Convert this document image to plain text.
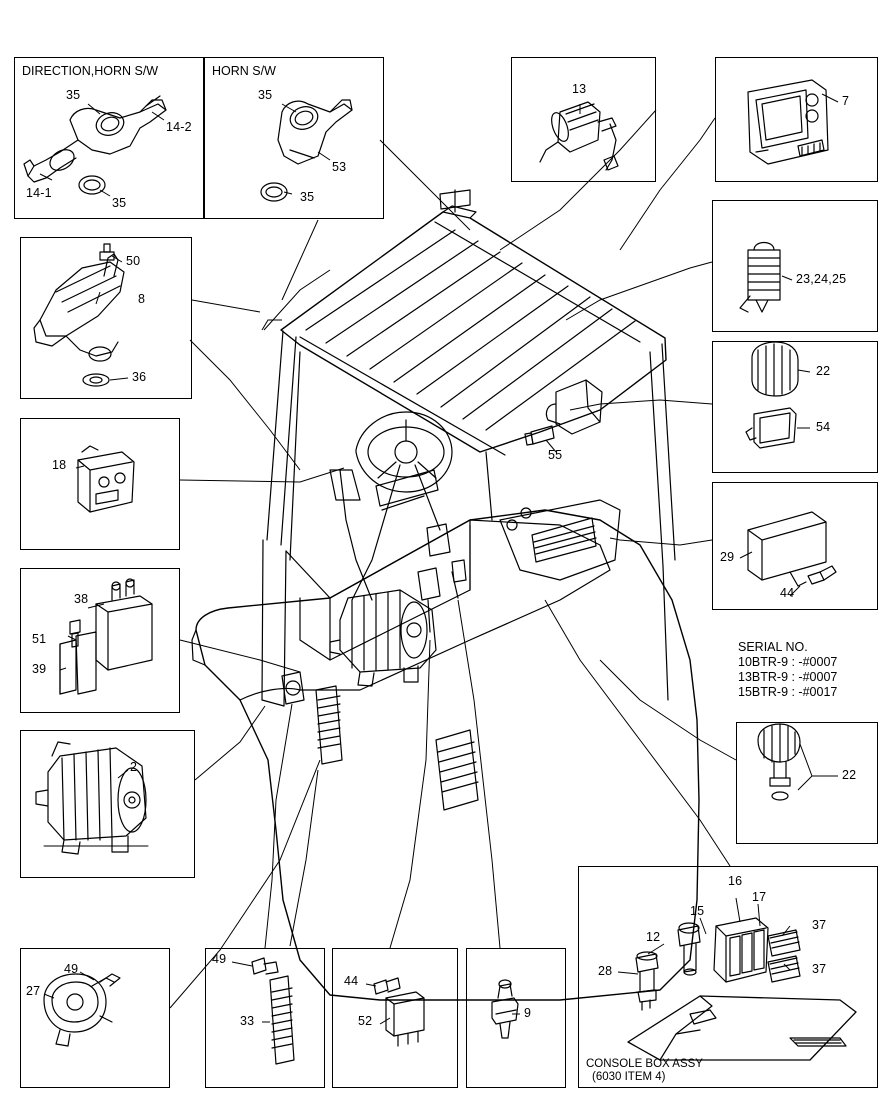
DIRECTION,HORN S/W
35
14-2
14-1
35
HORN S/W
35
53
35
13
7
50
8
36
23,24,25
22
54
18
29
44
38
51
39
SERIAL NO.
10BTR-9 : -#0007
13BTR-9 : -#0007
15BTR-9 : -#0017
22
2
49
27
49
33
44
52
9
16
17
15
37
37
12
28
CONSOLE BOX ASSY
(6030 ITEM 4)
55
